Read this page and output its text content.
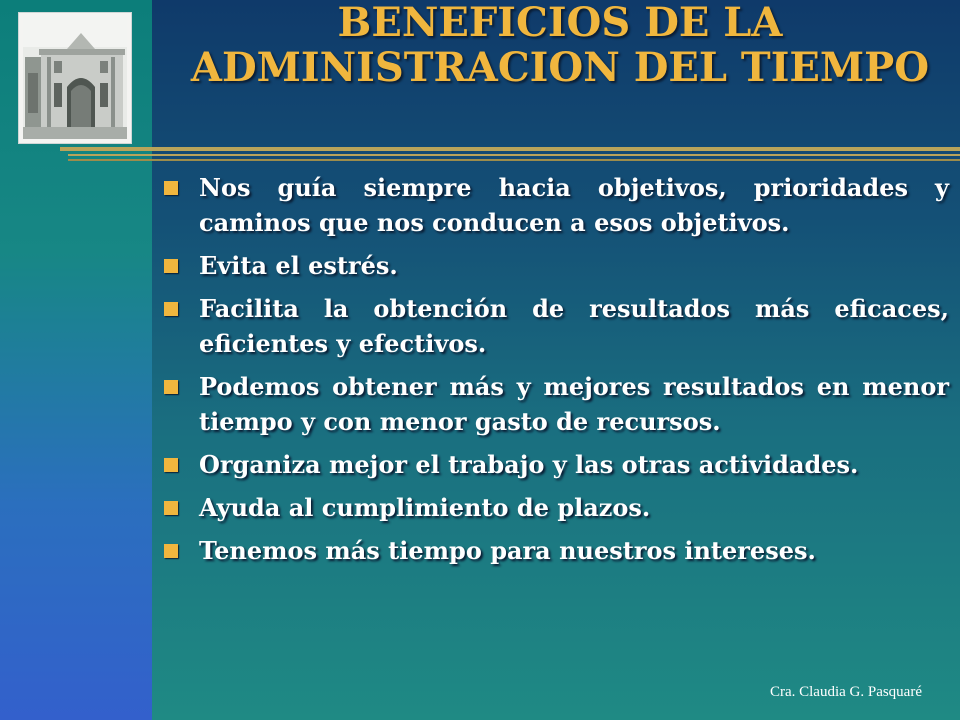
BENEFICIOS DE LA ADMINISTRACION DEL TIEMPO
Nos guía siempre hacia objetivos, prioridades y caminos que nos conducen a esos objetivos.
Evita el estrés.
Facilita la obtención de resultados más eficaces, eficientes y efectivos.
Podemos obtener más y mejores resultados en menor tiempo y con menor gasto de recursos.
Organiza mejor el trabajo y las otras actividades.
Ayuda al cumplimiento de plazos.
Tenemos más tiempo para nuestros intereses.
Cra. Claudia G. Pasquaré
